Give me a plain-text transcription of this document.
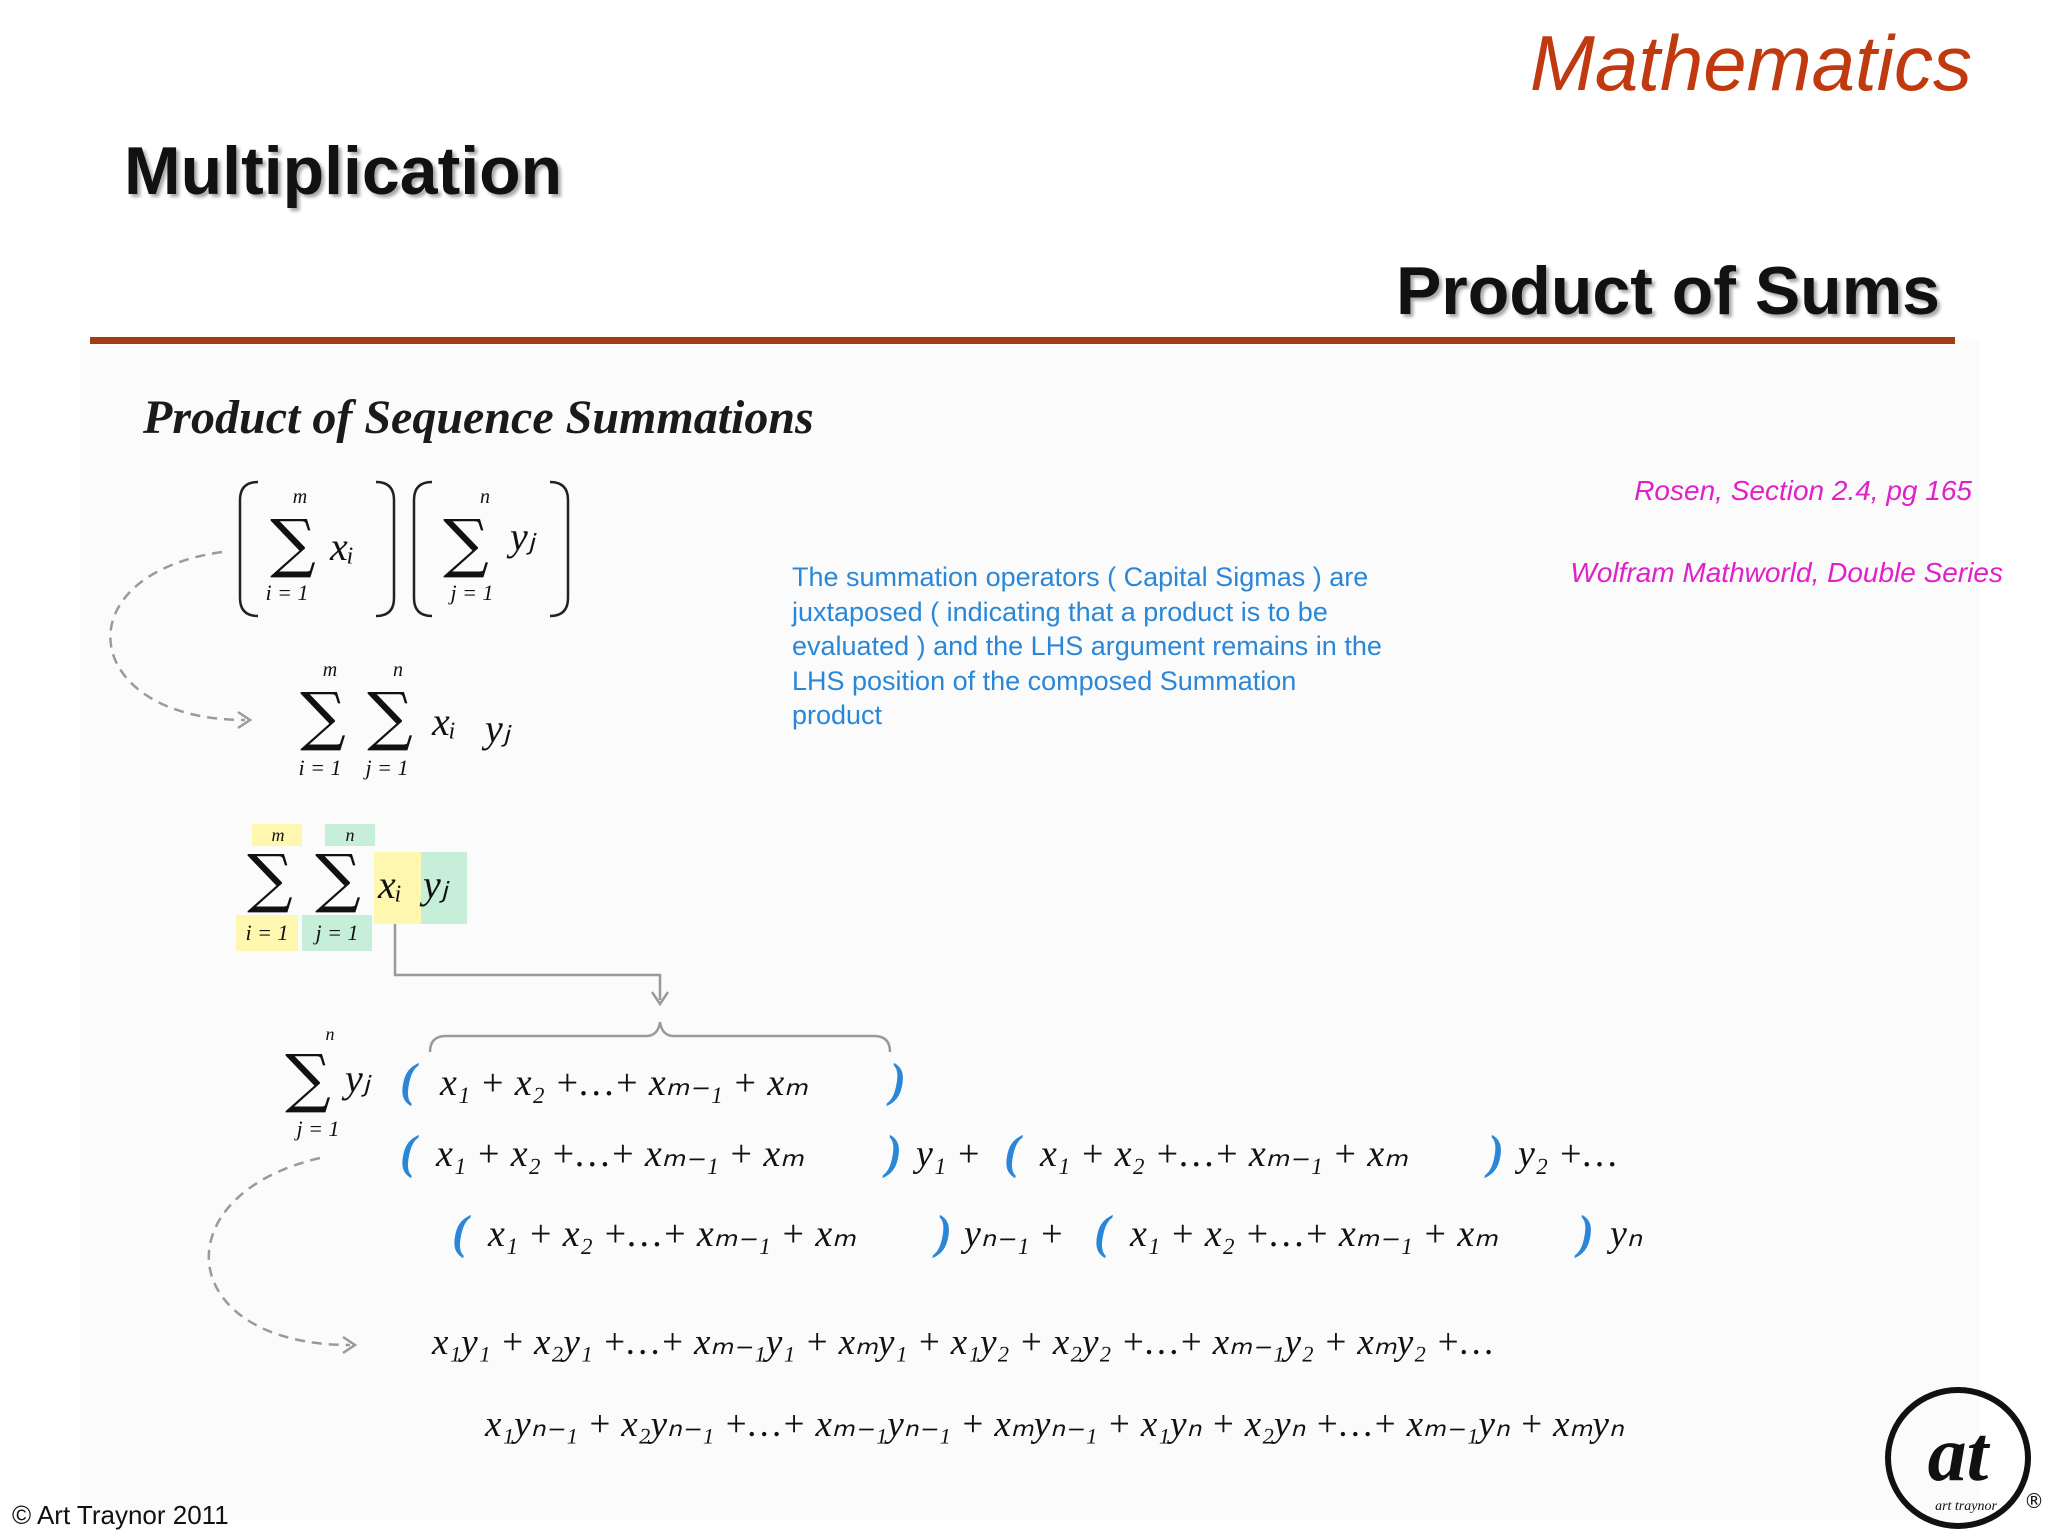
Mathematics
Multiplication
Product of Sums
Product of Sequence Summations
Rosen, Section 2.4, pg 165
Wolfram Mathworld, Double Series
The summation operators ( Capital Sigmas ) are juxtaposed ( indicating that a product is to be evaluated ) and the LHS argument remains in the LHS position of the composed Summation product
m
∑
i = 1
xᵢ
n
∑
j = 1
yⱼ
m
∑
i = 1
n
∑
j = 1
xᵢ yⱼ
m	n
∑ ∑
i = 1 j = 1
xᵢ yⱼ
n
∑
j = 1
yⱼ ( x₁ + x₂ +…+ xₘ₋₁ + xₘ )
( x₁ + x₂ +…+ xₘ₋₁ + xₘ ) y₁ + ( x₁ + x₂ +…+ xₘ₋₁ + xₘ ) y₂ +…
( x₁ + x₂ +…+ xₘ₋₁ + xₘ ) yₙ₋₁ + ( x₁ + x₂ +…+ xₘ₋₁ + xₘ ) yₙ
x₁y₁ + x₂y₁ +…+ xₘ₋₁y₁ + xₘy₁ + x₁y₂ + x₂y₂ +…+ xₘ₋₁y₂ + xₘy₂ +…
x₁yₙ₋₁ + x₂yₙ₋₁ +…+ xₘ₋₁yₙ₋₁ + xₘyₙ₋₁ + x₁yₙ + x₂yₙ +…+ xₘ₋₁yₙ + xₘyₙ	at
art traynor ®
© Art Traynor 2011
